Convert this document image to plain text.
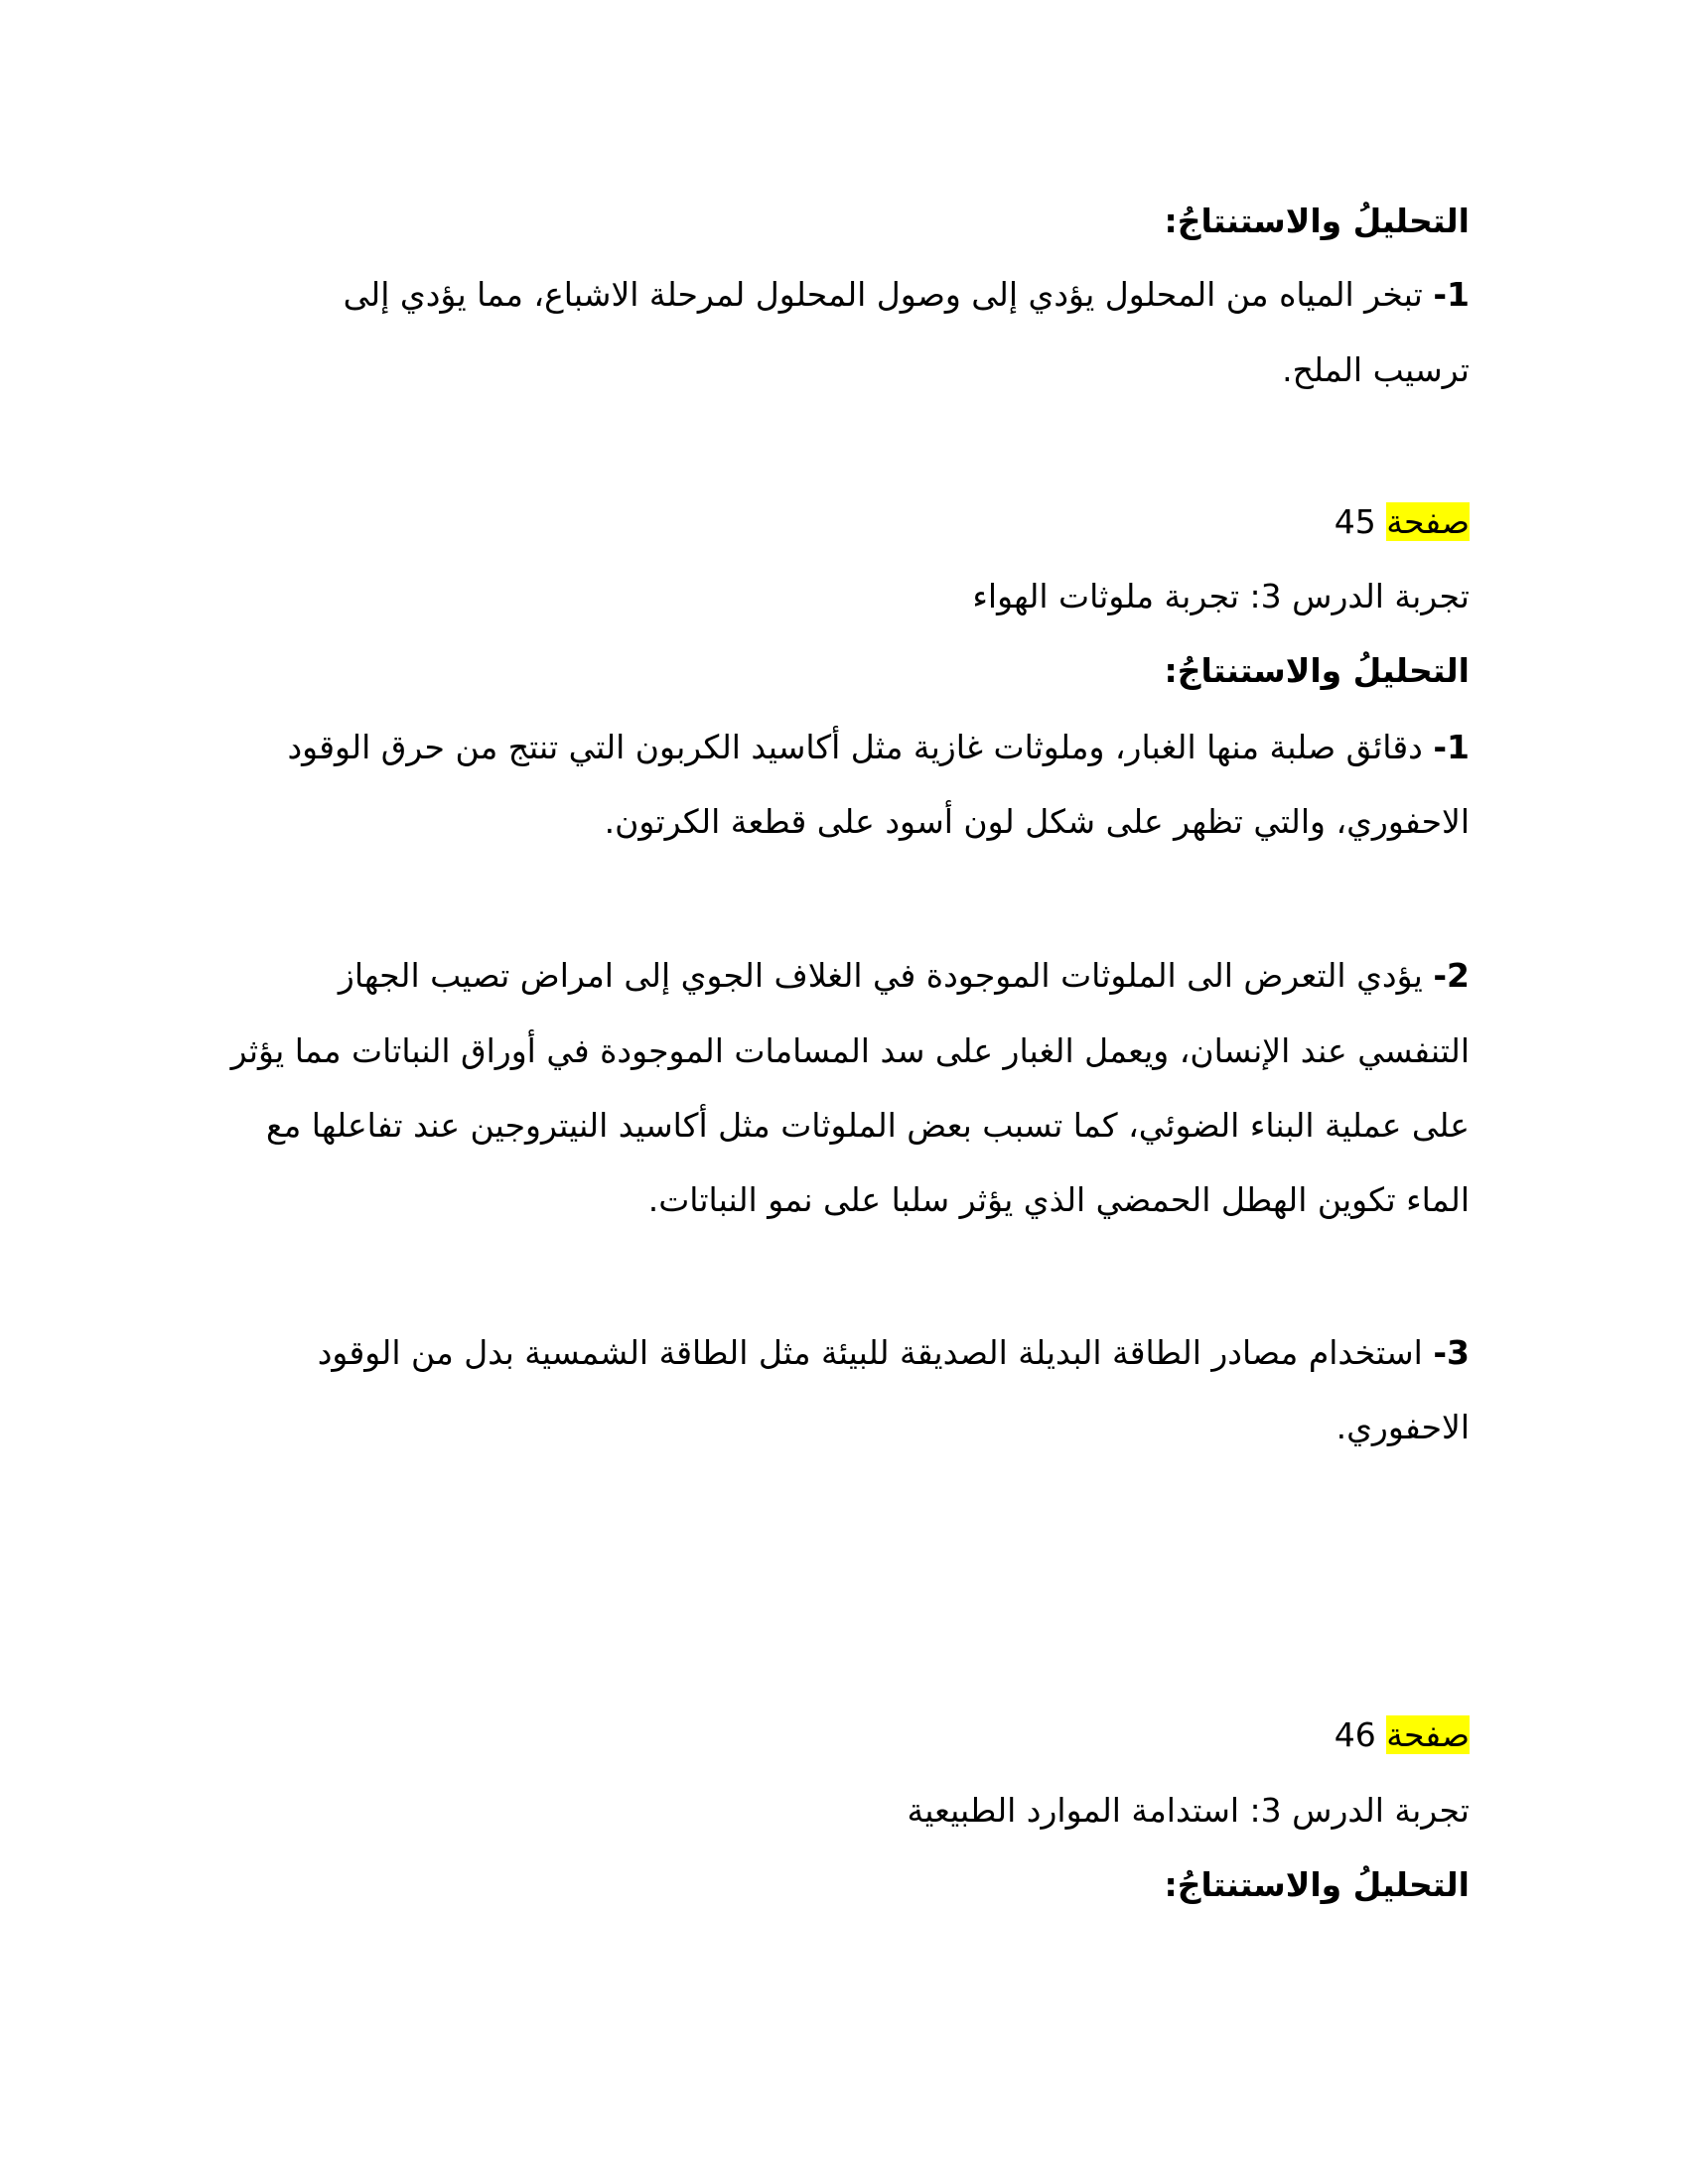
التحليلُ والاستنتاجُ:

1- تبخر المياه من المحلول يؤدي إلى وصول المحلول لمرحلة الاشباع، مما يؤدي إلى

ترسيب الملح.

صفحة 45

تجربة الدرس 3: تجربة ملوثات الهواء

التحليلُ والاستنتاجُ:

1- دقائق صلبة منها الغبار، وملوثات غازية مثل أكاسيد الكربون التي تنتج من حرق الوقود

الاحفوري، والتي تظهر على شكل لون أسود على قطعة الكرتون.

2- يؤدي التعرض الى الملوثات الموجودة في الغلاف الجوي إلى امراض تصيب الجهاز

التنفسي عند الإنسان، ويعمل الغبار على سد المسامات الموجودة في أوراق النباتات مما يؤثر

على عملية البناء الضوئي، كما تسبب بعض الملوثات مثل أكاسيد النيتروجين عند تفاعلها مع

الماء تكوين الهطل الحمضي الذي يؤثر سلبا على نمو النباتات.

3- استخدام مصادر الطاقة البديلة الصديقة للبيئة مثل الطاقة الشمسية بدل من الوقود

الاحفوري.

صفحة 46

تجربة الدرس 3: استدامة الموارد الطبيعية

التحليلُ والاستنتاجُ:
